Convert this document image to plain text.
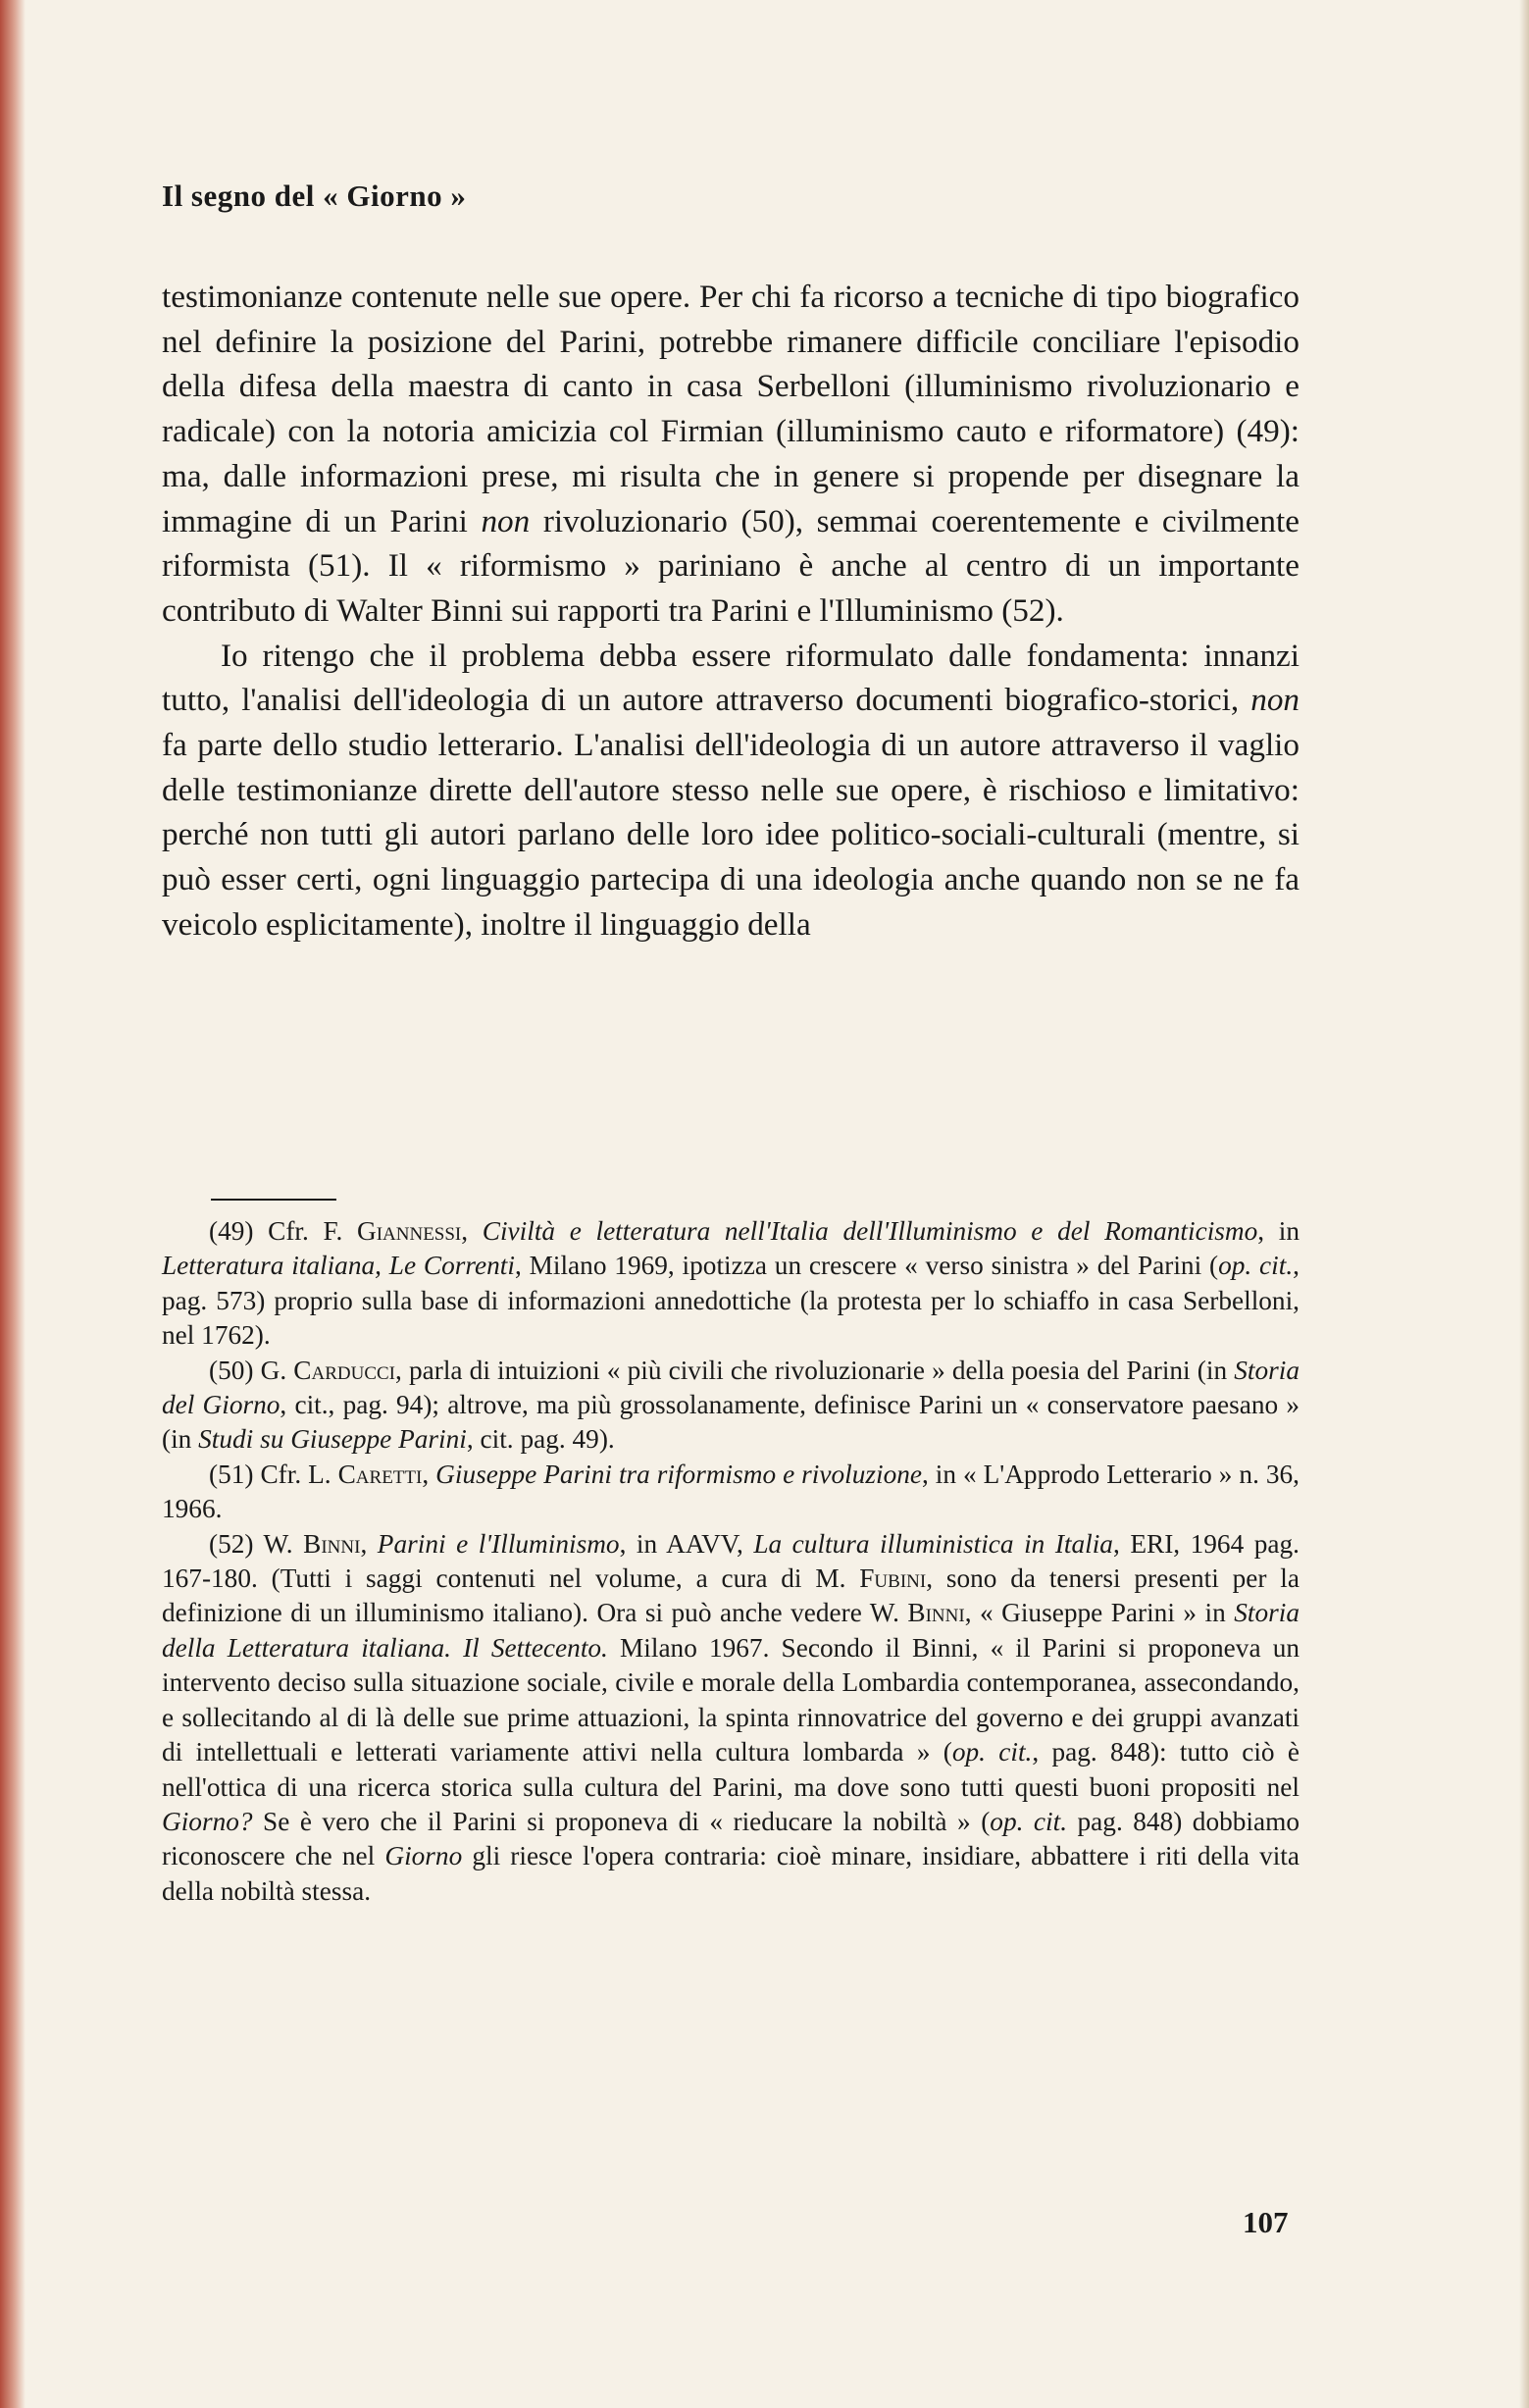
Il segno del « Giorno »

testimonianze contenute nelle sue opere. Per chi fa ricorso a tecniche di tipo biografico nel definire la posizione del Parini, potrebbe rimanere difficile conciliare l'episodio della difesa della maestra di canto in casa Serbelloni (illuminismo rivoluzionario e radicale) con la notoria amicizia col Firmian (illuminismo cauto e riformatore) (49): ma, dalle informazioni prese, mi risulta che in genere si propende per disegnare la immagine di un Parini non rivoluzionario (50), semmai coerentemente e civilmente riformista (51). Il « riformismo » pariniano è anche al centro di un importante contributo di Walter Binni sui rapporti tra Parini e l'Illuminismo (52).

Io ritengo che il problema debba essere riformulato dalle fondamenta: innanzi tutto, l'analisi dell'ideologia di un autore attraverso documenti biografico-storici, non fa parte dello studio letterario. L'analisi dell'ideologia di un autore attraverso il vaglio delle testimonianze dirette dell'autore stesso nelle sue opere, è rischioso e limitativo: perché non tutti gli autori parlano delle loro idee politico-sociali-culturali (mentre, si può esser certi, ogni linguaggio partecipa di una ideologia anche quando non se ne fa veicolo esplicitamente), inoltre il linguaggio della

(49) Cfr. F. Giannessi, Civiltà e letteratura nell'Italia dell'Illuminismo e del Romanticismo, in Letteratura italiana, Le Correnti, Milano 1969, ipotizza un crescere « verso sinistra » del Parini (op. cit., pag. 573) proprio sulla base di informazioni annedottiche (la protesta per lo schiaffo in casa Serbelloni, nel 1762).

(50) G. Carducci, parla di intuizioni « più civili che rivoluzionarie » della poesia del Parini (in Storia del Giorno, cit., pag. 94); altrove, ma più grossolanamente, definisce Parini un « conservatore paesano » (in Studi su Giuseppe Parini, cit. pag. 49).

(51) Cfr. L. Caretti, Giuseppe Parini tra riformismo e rivoluzione, in « L'Approdo Letterario » n. 36, 1966.

(52) W. Binni, Parini e l'Illuminismo, in AAVV, La cultura illuministica in Italia, ERI, 1964 pag. 167-180. (Tutti i saggi contenuti nel volume, a cura di M. Fubini, sono da tenersi presenti per la definizione di un illuminismo italiano). Ora si può anche vedere W. Binni, « Giuseppe Parini » in Storia della Letteratura italiana. Il Settecento. Milano 1967. Secondo il Binni, « il Parini si proponeva un intervento deciso sulla situazione sociale, civile e morale della Lombardia contemporanea, assecondando, e sollecitando al di là delle sue prime attuazioni, la spinta rinnovatrice del governo e dei gruppi avanzati di intellettuali e letterati variamente attivi nella cultura lombarda » (op. cit., pag. 848): tutto ciò è nell'ottica di una ricerca storica sulla cultura del Parini, ma dove sono tutti questi buoni propositi nel Giorno? Se è vero che il Parini si proponeva di « rieducare la nobiltà » (op. cit. pag. 848) dobbiamo riconoscere che nel Giorno gli riesce l'opera contraria: cioè minare, insidiare, abbattere i riti della vita della nobiltà stessa.

107
